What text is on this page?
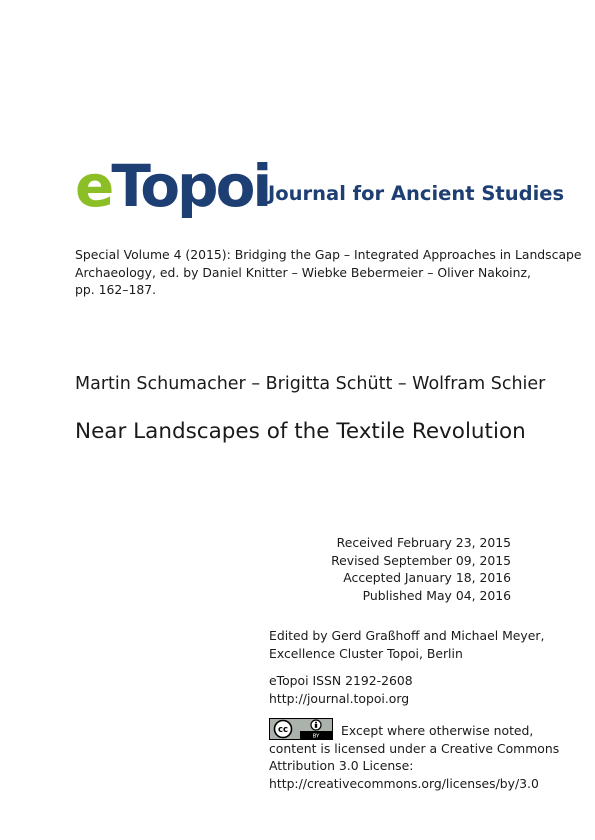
eTopoi
Journal for Ancient Studies
Special Volume 4 (2015): Bridging the Gap – Integrated Approaches in Landscape
Archaeology, ed. by Daniel Knitter – Wiebke Bebermeier – Oliver Nakoinz,
pp. 162–187.
Martin Schumacher – Brigitta Schütt – Wolfram Schier
Near Landscapes of the Textile Revolution
Received February 23, 2015
Revised September 09, 2015
Accepted January 18, 2016
Published May 04, 2016
Edited by Gerd Graßhoff and Michael Meyer,
Excellence Cluster Topoi, Berlin
eTopoi ISSN 2192-2608
http://journal.topoi.org
cc
BY	Except where otherwise noted,
content is licensed under a Creative Commons
Attribution 3.0 License:
http://creativecommons.org/licenses/by/3.0
